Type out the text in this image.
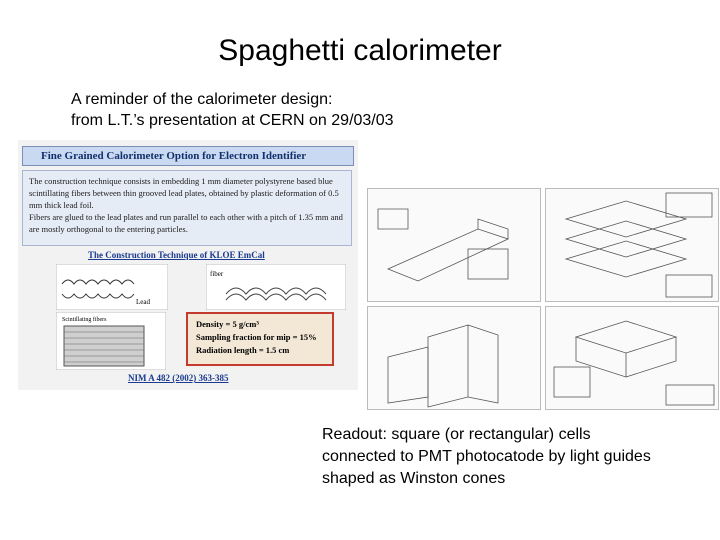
Spaghetti calorimeter
A reminder of the calorimeter design:
from L.T.’s presentation at CERN on 29/03/03
Fine Grained Calorimeter Option for Electron Identifier
The construction technique consists in embedding 1 mm diameter polystyrene based blue scintillating fibers between thin grooved lead plates, obtained by plastic deformation of 0.5 mm thick lead foil.
Fibers are glued to the lead plates and run parallel to each other with a pitch of 1.35 mm and are mostly orthogonal to the entering particles.
The Construction Technique of KLOE EmCal
Lead
fiber
Scintillating fibers	Density = 5 g/cm³
Sampling fraction for mip = 15%
Radiation length = 1.5 cm
NIM A 482 (2002) 363-385
Readout: square (or rectangular) cells
connected to PMT photocatode by light guides
shaped as Winston cones
